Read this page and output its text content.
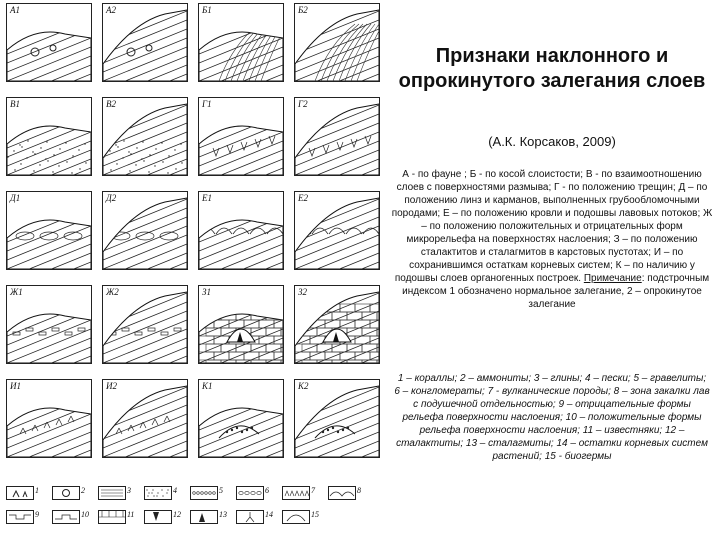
А1	А2	Б1	Б2
В1	В2	Г1	Г2
Д1	Д2	Е1	Е2
Ж1	Ж2	З1	З2
И1	И2	К1	К2
1	2	3	4	5	6	7	8
9	10	11	12	13	14	15
Признаки наклонного и опрокинутого залегания слоев
(А.К. Корсаков, 2009)
А - по фауне ; Б - по косой слоистости; В - по взаимоотношению слоев с поверхностями размыва; Г - по положению трещин; Д – по положению линз и карманов, выполненных грубообломочными породами; Е – по положению кровли и подошвы лавовых потоков; Ж – по положению положительных и отрицательных форм микрорельефа на поверхностях наслоения; З – по положению сталактитов и сталагмитов в карстовых пустотах; И – по сохранившимся остаткам корневых систем; К – по наличию у подошвы слоев органогенных построек. Примечание: подстрочным индексом 1 обозначено нормальное залегание, 2 – опрокинутое залегание
1 – кораллы; 2 – аммониты; 3 – глины; 4 – пески; 5 – гравелиты; 6 – конгломераты; 7 - вулканические породы; 8 – зона закалки лав с подушечной отдельностью; 9 – отрицательные формы рельефа поверхности наслоения; 10 – положительные формы рельефа поверхности наслоения; 11 – известняки; 12 – сталактиты; 13 – сталагмиты; 14 – остатки корневых систем растений; 15 - биогермы
